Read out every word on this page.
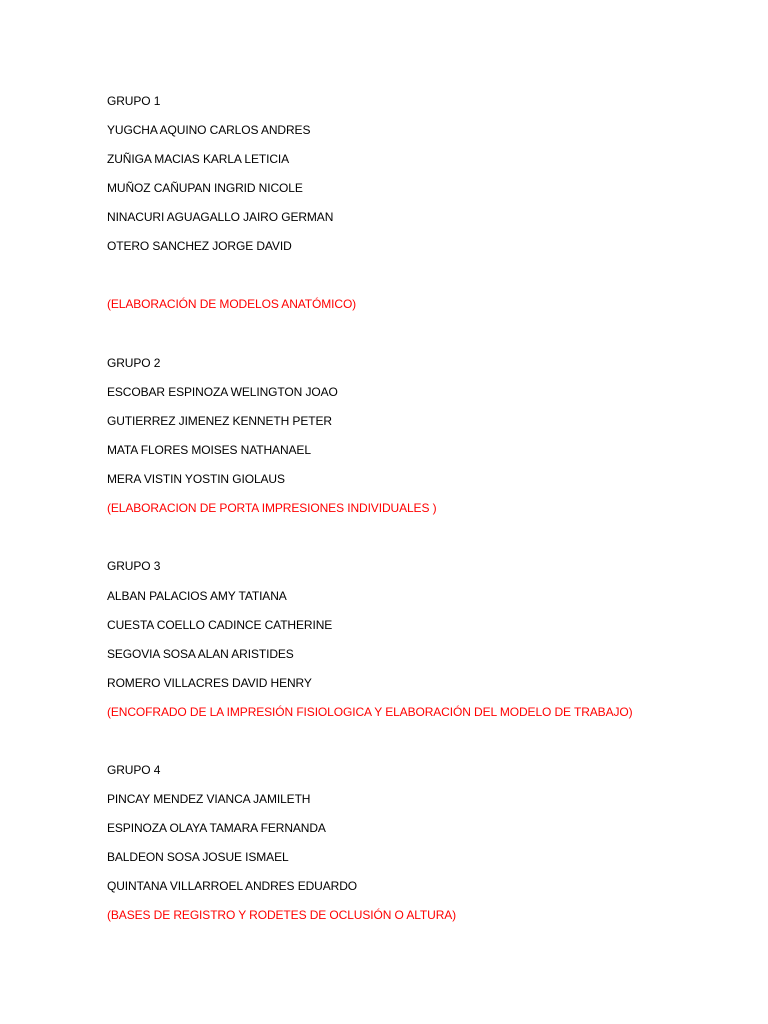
GRUPO 1
YUGCHA AQUINO CARLOS ANDRES
ZUÑIGA MACIAS KARLA LETICIA
MUÑOZ CAÑUPAN INGRID NICOLE
NINACURI AGUAGALLO JAIRO GERMAN
OTERO SANCHEZ JORGE DAVID
(ELABORACIÓN DE MODELOS ANATÓMICO)
GRUPO 2
ESCOBAR ESPINOZA WELINGTON JOAO
GUTIERREZ JIMENEZ KENNETH PETER
MATA FLORES MOISES NATHANAEL
MERA VISTIN YOSTIN GIOLAUS
(ELABORACION DE PORTA IMPRESIONES INDIVIDUALES )
GRUPO 3
ALBAN PALACIOS AMY TATIANA
CUESTA COELLO CADINCE CATHERINE
SEGOVIA SOSA ALAN ARISTIDES
ROMERO VILLACRES DAVID HENRY
(ENCOFRADO DE LA IMPRESIÓN FISIOLOGICA Y ELABORACIÓN DEL MODELO DE TRABAJO)
GRUPO 4
PINCAY MENDEZ VIANCA JAMILETH
ESPINOZA OLAYA TAMARA FERNANDA
BALDEON SOSA JOSUE ISMAEL
QUINTANA VILLARROEL ANDRES EDUARDO
(BASES DE REGISTRO Y RODETES DE OCLUSIÓN O ALTURA)
